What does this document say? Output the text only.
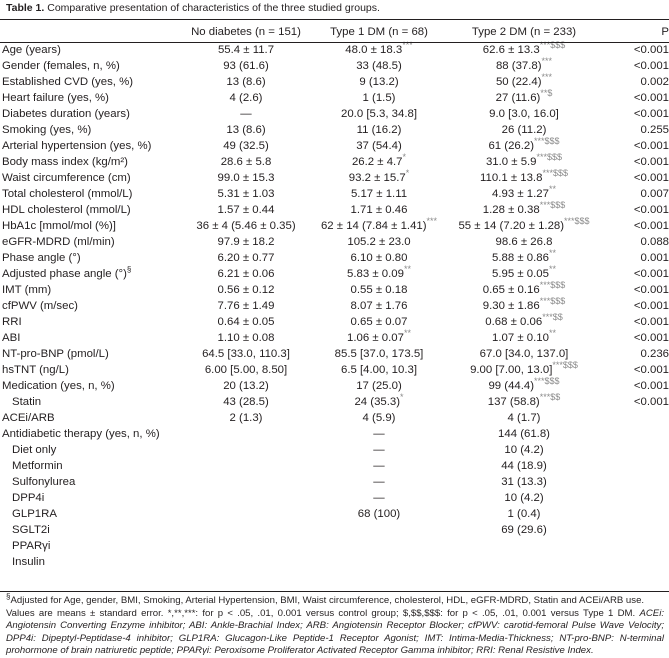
Table 1. Comparative presentation of characteristics of the three studied groups.
	No diabetes (n = 151)	Type 1 DM (n = 68)	Type 2 DM (n = 233)	P
Age (years)	55.4 ± 11.7	48.0 ± 18.3***	62.6 ± 13.3***$$$	<0.001
Gender (females, n, %)	93 (61.6)	33 (48.5)	88 (37.8)***	<0.001
Established CVD (yes, %)	13 (8.6)	9 (13.2)	50 (22.4)***	0.002
Heart failure (yes, %)	4 (2.6)	1 (1.5)	27 (11.6)**$	<0.001
Diabetes duration (years)	—	20.0 [5.3, 34.8]	9.0 [3.0, 16.0]	<0.001
Smoking (yes, %)	13 (8.6)	11 (16.2)	26 (11.2)	0.255
Arterial hypertension (yes, %)	49 (32.5)	37 (54.4)	61 (26.2)***$$$	<0.001
Body mass index (kg/m²)	28.6 ± 5.8	26.2 ± 4.7*	31.0 ± 5.9***$$$	<0.001
Waist circumference (cm)	99.0 ± 15.3	93.2 ± 15.7*	110.1 ± 13.8***$$$	<0.001
Total cholesterol (mmol/L)	5.31 ± 1.03	5.17 ± 1.11	4.93 ± 1.27**	0.007
HDL cholesterol (mmol/L)	1.57 ± 0.44	1.71 ± 0.46	1.28 ± 0.38***$$$	<0.001
HbA1c [mmol/mol (%)]	36 ± 4 (5.46 ± 0.35)	62 ± 14 (7.84 ± 1.41)***	55 ± 14 (7.20 ± 1.28)***$$$	<0.001
eGFR-MDRD (ml/min)	97.9 ± 18.2	105.2 ± 23.0	98.6 ± 26.8	0.088
Phase angle (°)	6.20 ± 0.77	6.10 ± 0.80	5.88 ± 0.86**	0.001
Adjusted phase angle (°)§	6.21 ± 0.06	5.83 ± 0.09**	5.95 ± 0.05**	<0.001
IMT (mm)	0.56 ± 0.12	0.55 ± 0.18	0.65 ± 0.16***$$$	<0.001
cfPWV (m/sec)	7.76 ± 1.49	8.07 ± 1.76	9.30 ± 1.86***$$$	<0.001
RRI	0.64 ± 0.05	0.65 ± 0.07	0.68 ± 0.06***$$	<0.001
ABI	1.10 ± 0.08	1.06 ± 0.07**	1.07 ± 0.10**	<0.001
NT-pro-BNP (pmol/L)	64.5 [33.0, 110.3]	85.5 [37.0, 173.5]	67.0 [34.0, 137.0]	0.236
hsTNT (ng/L)	6.00 [5.00, 8.50]	6.5 [4.00, 10.3]	9.00 [7.00, 13.0]***$$$	<0.001
Medication (yes, n, %)	20 (13.2)	17 (25.0)	99 (44.4)***$$$	<0.001
Statin	43 (28.5)	24 (35.3)*	137 (58.8)***$$	<0.001
ACEi/ARB	2 (1.3)	4 (5.9)	4 (1.7)	
Antidiabetic therapy (yes, n, %)		—	144 (61.8)	
Diet only		—	10 (4.2)	
Metformin		—	44 (18.9)	
Sulfonylurea		—	31 (13.3)	
DPP4i		—	10 (4.2)	
GLP1RA		68 (100)	1 (0.4)	
SGLT2i			69 (29.6)	
PPARγi				
Insulin				
§Adjusted for Age, gender, BMI, Smoking, Arterial Hypertension, BMI, Waist circumference, cholesterol, HDL, eGFR-MDRD, Statin and ACEi/ARB use.
Values are means ± standard error. *,**,***: for p < .05, .01, 0.001 versus control group; $,$$,$$$: for p < .05, .01, 0.001 versus Type 1 DM. ACEi: Angiotensin Converting Enzyme inhibitor; ABI: Ankle-Brachial Index; ARB: Angiotensin Receptor Blocker; cfPWV: carotid-femoral Pulse Wave Velocity; DPP4i: Dipeptyl-Peptidase-4 inhibitor; GLP1RA: Glucagon-Like Peptide-1 Receptor Agonist; IMT: Intima-Media-Thickness; NT-pro-BNP: N-terminal prohormone of brain natriuretic peptide; PPARγi: Peroxisome Proliferator Activated Receptor Gamma inhibitor; RRI: Renal Resistive Index.
